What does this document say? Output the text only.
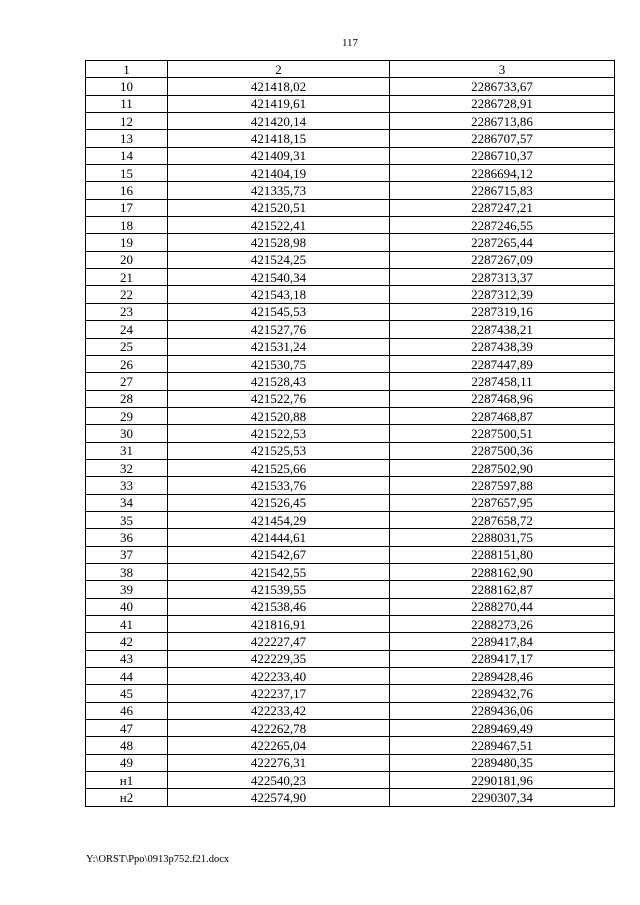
117
1	2	3
10	421418,02	2286733,67
11	421419,61	2286728,91
12	421420,14	2286713,86
13	421418,15	2286707,57
14	421409,31	2286710,37
15	421404,19	2286694,12
16	421335,73	2286715,83
17	421520,51	2287247,21
18	421522,41	2287246,55
19	421528,98	2287265,44
20	421524,25	2287267,09
21	421540,34	2287313,37
22	421543,18	2287312,39
23	421545,53	2287319,16
24	421527,76	2287438,21
25	421531,24	2287438,39
26	421530,75	2287447,89
27	421528,43	2287458,11
28	421522,76	2287468,96
29	421520,88	2287468,87
30	421522,53	2287500,51
31	421525,53	2287500,36
32	421525,66	2287502,90
33	421533,76	2287597,88
34	421526,45	2287657,95
35	421454,29	2287658,72
36	421444,61	2288031,75
37	421542,67	2288151,80
38	421542,55	2288162,90
39	421539,55	2288162,87
40	421538,46	2288270,44
41	421816,91	2288273,26
42	422227,47	2289417,84
43	422229,35	2289417,17
44	422233,40	2289428,46
45	422237,17	2289432,76
46	422233,42	2289436,06
47	422262,78	2289469,49
48	422265,04	2289467,51
49	422276,31	2289480,35
н1	422540,23	2290181,96
н2	422574,90	2290307,34
Y:\ORST\Ppo\0913p752.f21.docx
